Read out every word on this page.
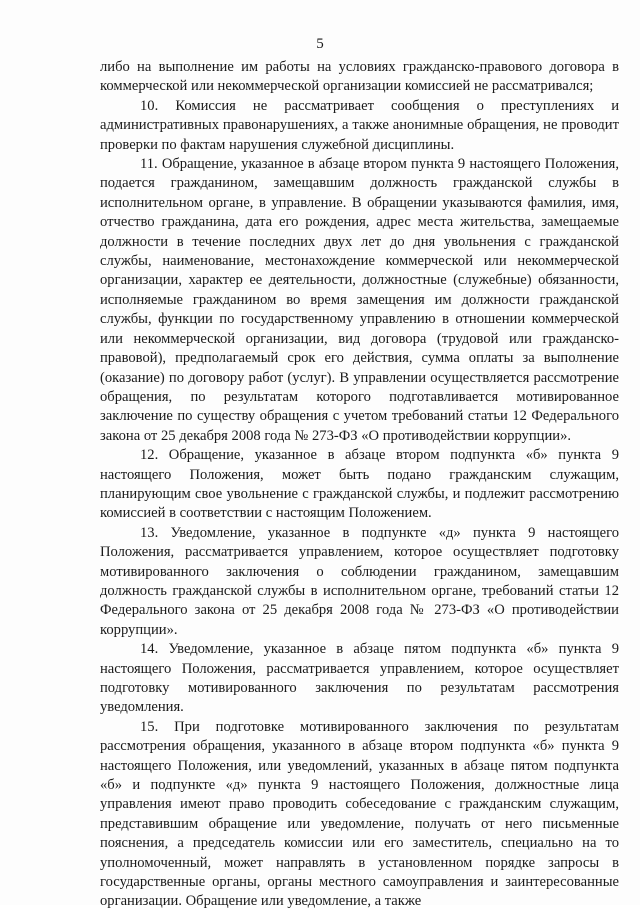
5

либо на выполнение им работы на условиях гражданско-правового договора в коммерческой или некоммерческой организации комиссией не рассматривался;

10. Комиссия не рассматривает сообщения о преступлениях и административных правонарушениях, а также анонимные обращения, не проводит проверки по фактам нарушения служебной дисциплины.

11. Обращение, указанное в абзаце втором пункта 9 настоящего Положения, подается гражданином, замещавшим должность гражданской службы в исполнительном органе, в управление. В обращении указываются фамилия, имя, отчество гражданина, дата его рождения, адрес места жительства, замещаемые должности в течение последних двух лет до дня увольнения с гражданской службы, наименование, местонахождение коммерческой или некоммерческой организации, характер ее деятельности, должностные (служебные) обязанности, исполняемые гражданином во время замещения им должности гражданской службы, функции по государственному управлению в отношении коммерческой или некоммерческой организации, вид договора (трудовой или гражданско-правовой), предполагаемый срок его действия, сумма оплаты за выполнение (оказание) по договору работ (услуг). В управлении осуществляется рассмотрение обращения, по результатам которого подготавливается мотивированное заключение по существу обращения с учетом требований статьи 12 Федерального закона от 25 декабря 2008 года № 273-ФЗ «О противодействии коррупции».

12. Обращение, указанное в абзаце втором подпункта «б» пункта 9 настоящего Положения, может быть подано гражданским служащим, планирующим свое увольнение с гражданской службы, и подлежит рассмотрению комиссией в соответствии с настоящим Положением.

13. Уведомление, указанное в подпункте «д» пункта 9 настоящего Положения, рассматривается управлением, которое осуществляет подготовку мотивированного заключения о соблюдении гражданином, замещавшим должность гражданской службы в исполнительном органе, требований статьи 12 Федерального закона от 25 декабря 2008 года № 273-ФЗ «О противодействии коррупции».

14. Уведомление, указанное в абзаце пятом подпункта «б» пункта 9 настоящего Положения, рассматривается управлением, которое осуществляет подготовку мотивированного заключения по результатам рассмотрения уведомления.

15. При подготовке мотивированного заключения по результатам рассмотрения обращения, указанного в абзаце втором подпункта «б» пункта 9 настоящего Положения, или уведомлений, указанных в абзаце пятом подпункта «б» и подпункте «д» пункта 9 настоящего Положения, должностные лица управления имеют право проводить собеседование с гражданским служащим, представившим обращение или уведомление, получать от него письменные пояснения, а председатель комиссии или его заместитель, специально на то уполномоченный, может направлять в установленном порядке запросы в государственные органы, органы местного самоуправления и заинтересованные организации. Обращение или уведомление, а также
